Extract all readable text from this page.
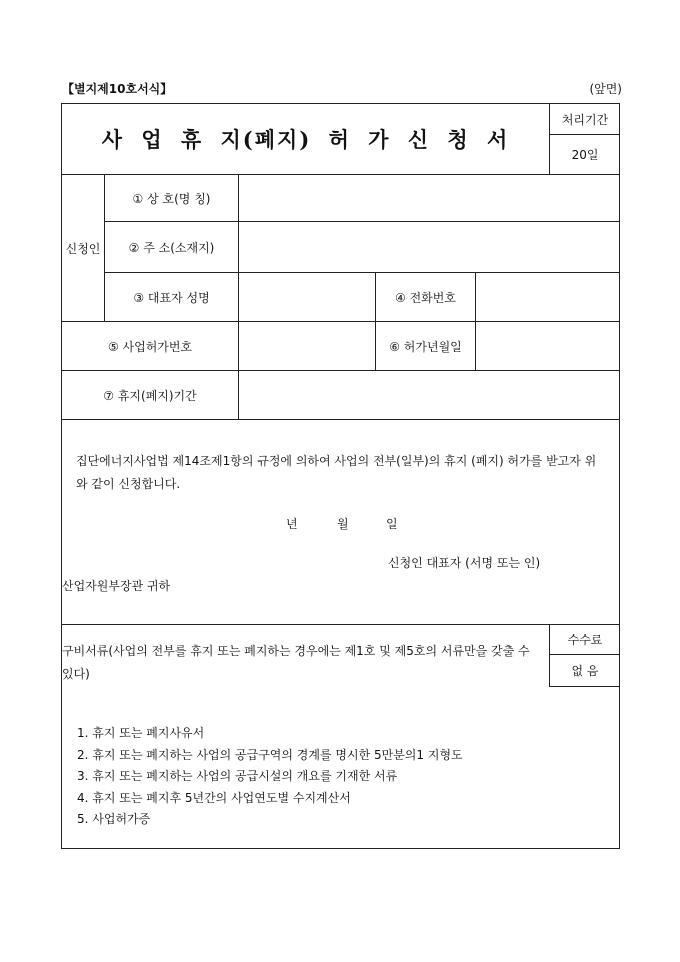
【별지제10호서식】	(앞면)
사 업 휴 지(폐지) 허 가 신 청 서
처리기간
20일
신청인
① 상 호(명 칭)
② 주 소(소재지)
③ 대표자 성명	④ 전화번호
⑤ 사업허가번호	⑥ 허가년월일
⑦ 휴지(폐지)기간
집단에너지사업법 제14조제1항의 규정에 의하여 사업의 전부(일부)의 휴지 (폐지) 허가를 받고자 위와 같이 신청합니다.
년	월	일
신청인 대표자 (서명 또는 인)
산업자원부장관 귀하
구비서류(사업의 전부를 휴지 또는 폐지하는 경우에는 제1호 및 제5호의 서류만을 갖출 수 있다)
수수료
없 음
1. 휴지 또는 폐지사유서
2. 휴지 또는 폐지하는 사업의 공급구역의 경계를 명시한 5만분의1 지형도
3. 휴지 또는 폐지하는 사업의 공급시설의 개요를 기재한 서류
4. 휴지 또는 폐지후 5년간의 사업연도별 수지계산서
5. 사업허가증
